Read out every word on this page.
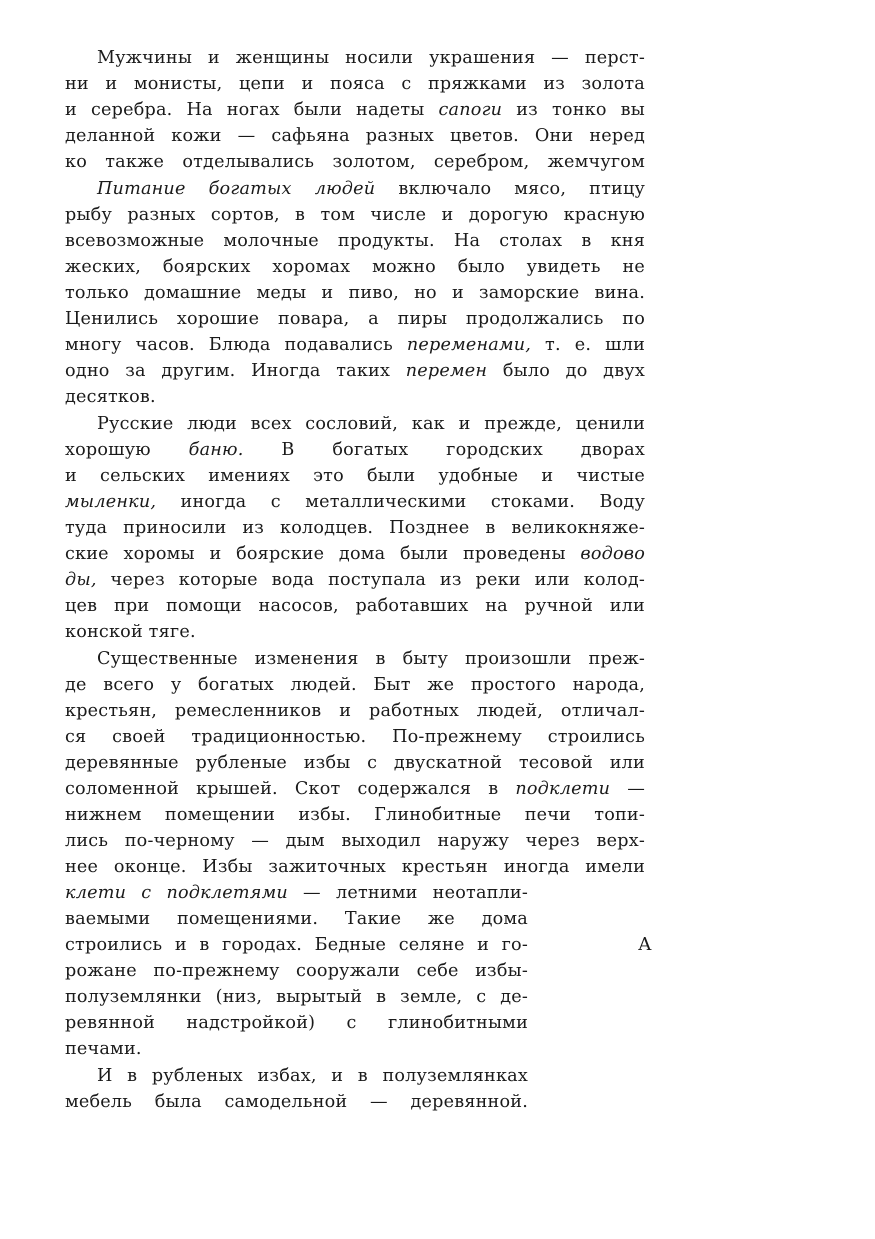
Мужчины и женщины носили украшения — перст-
ни и монисты, цепи и пояса с пряжками из золота
и серебра. На ногах были надеты сапоги из тонко вы
деланной кожи — сафьяна разных цветов. Они неред
ко также отделывались золотом, серебром, жемчугом
Питание богатых людей включало мясо, птицу
рыбу разных сортов, в том числе и дорогую красную
всевозможные молочные продукты. На столах в кня
жеских, боярских хоромах можно было увидеть не
только домашние меды и пиво, но и заморские вина.
Ценились хорошие повара, а пиры продолжались по
многу часов. Блюда подавались переменами, т. е. шли
одно за другим. Иногда таких перемен было до двух
десятков.
Русские люди всех сословий, как и прежде, ценили
хорошую баню. В богатых городских дворах
и сельских имениях это были удобные и чистые
мыленки, иногда с металлическими стоками. Воду
туда приносили из колодцев. Позднее в великокняже-
ские хоромы и боярские дома были проведены водово
ды, через которые вода поступала из реки или колод-
цев при помощи насосов, работавших на ручной или
конской тяге.
Существенные изменения в быту произошли преж-
де всего у богатых людей. Быт же простого народа,
крестьян, ремесленников и работных людей, отличал-
ся своей традиционностью. По-прежнему строились
деревянные рубленые избы с двускатной тесовой или
соломенной крышей. Скот содержался в подклети —
нижнем помещении избы. Глинобитные печи топи-
лись по-черному — дым выходил наружу через верх-
нее оконце. Избы зажиточных крестьян иногда имели
клети с подклетями — летними неотапли-
ваемыми помещениями. Такие же дома
строились и в городах. Бедные селяне и го-
рожане по-прежнему сооружали себе избы-
полуземлянки (низ, вырытый в земле, с де-
ревянной надстройкой) с глинобитными
печами.
И в рубленых избах, и в полуземлянках
мебель была самодельной — деревянной.
А
